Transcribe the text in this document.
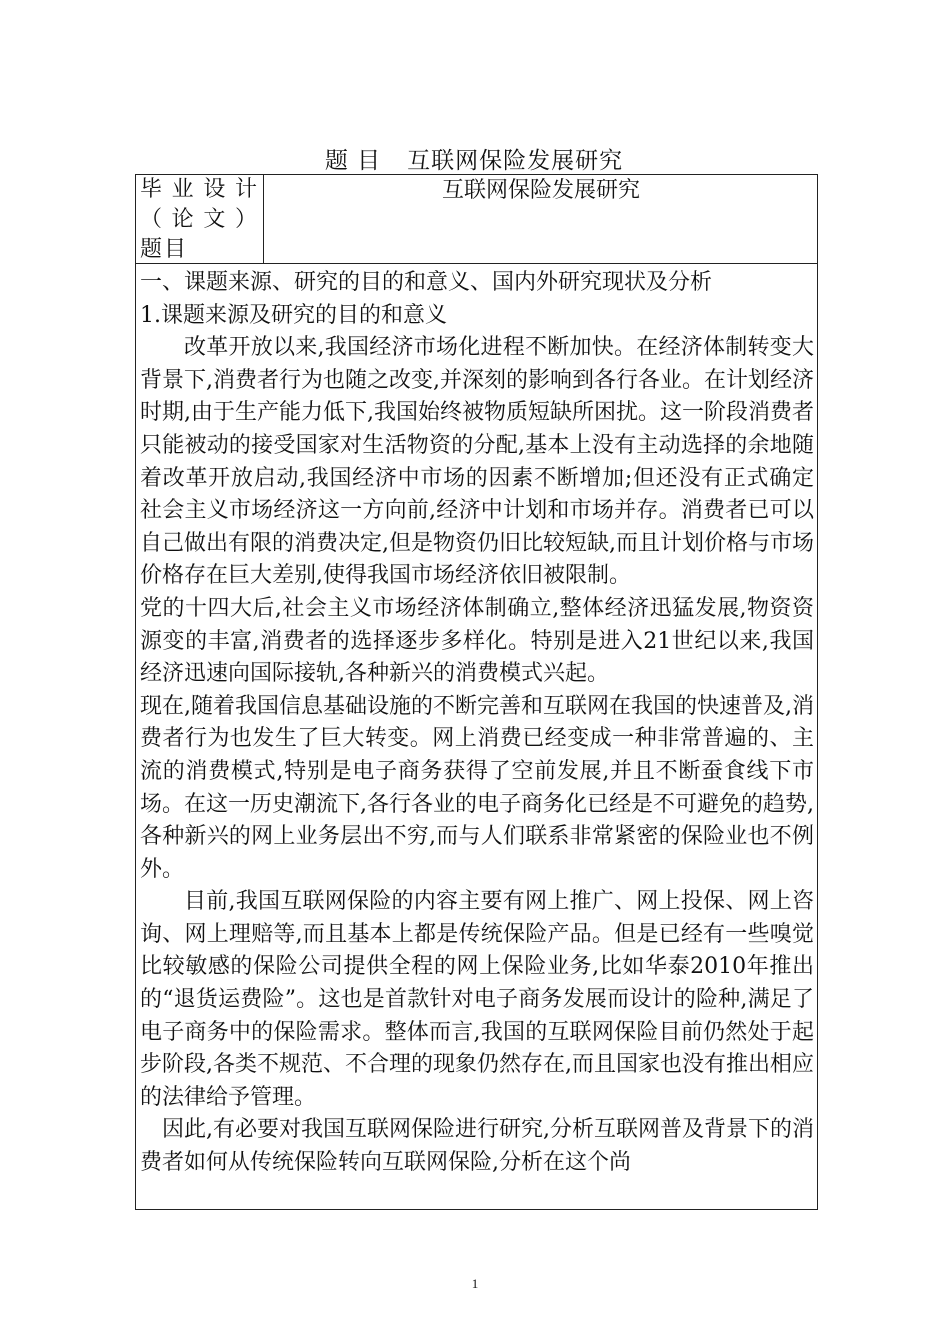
题 目 互联网保险发展研究
毕业设计（论文）题目
互联网保险发展研究

一、课题来源、研究的目的和意义、国内外研究现状及分析

1.课题来源及研究的目的和意义

改革开放以来,我国经济市场化进程不断加快。在经济体制转变大背景下,消费者行为也随之改变,并深刻的影响到各行各业。在计划经济时期,由于生产能力低下,我国始终被物质短缺所困扰。这一阶段消费者只能被动的接受国家对生活物资的分配,基本上没有主动选择的余地随着改革开放启动,我国经济中市场的因素不断增加;但还没有正式确定社会主义市场经济这一方向前,经济中计划和市场并存。消费者已可以自己做出有限的消费决定,但是物资仍旧比较短缺,而且计划价格与市场价格存在巨大差别,使得我国市场经济依旧被限制。

党的十四大后,社会主义市场经济体制确立,整体经济迅猛发展,物资资源变的丰富,消费者的选择逐步多样化。特别是进入21世纪以来,我国经济迅速向国际接轨,各种新兴的消费模式兴起。

现在,随着我国信息基础设施的不断完善和互联网在我国的快速普及,消费者行为也发生了巨大转变。网上消费已经变成一种非常普遍的、主流的消费模式,特别是电子商务获得了空前发展,并且不断蚕食线下市场。在这一历史潮流下,各行各业的电子商务化已经是不可避免的趋势,各种新兴的网上业务层出不穷,而与人们联系非常紧密的保险业也不例外。

目前,我国互联网保险的内容主要有网上推广、网上投保、网上咨询、网上理赔等,而且基本上都是传统保险产品。但是已经有一些嗅觉比较敏感的保险公司提供全程的网上保险业务,比如华泰2010年推出的“退货运费险”。这也是首款针对电子商务发展而设计的险种,满足了电子商务中的保险需求。整体而言,我国的互联网保险目前仍然处于起步阶段,各类不规范、不合理的现象仍然存在,而且国家也没有推出相应的法律给予管理。

因此,有必要对我国互联网保险进行研究,分析互联网普及背景下的消费者如何从传统保险转向互联网保险,分析在这个尚

1
